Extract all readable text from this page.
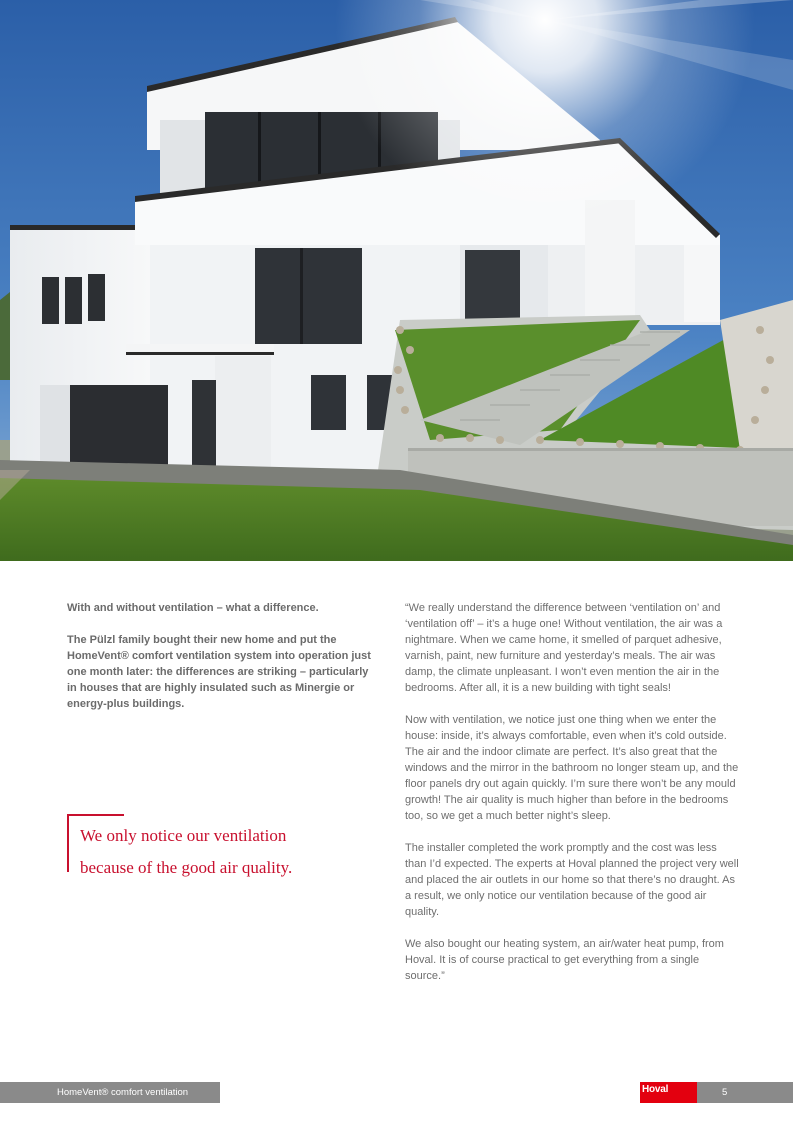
With and without ventilation – what a difference.

The Pülzl family bought their new home and put the HomeVent® comfort ventilation system into operation just one month later: the differences are striking – particularly in houses that are highly insulated such as Minergie or energy-plus buildings.

We only notice our ventilation
because of the good air quality.

“We really understand the difference between ‘ventilation on’ and ‘ventilation off’ – it’s a huge one! Without ventilation, the air was a nightmare. When we came home, it smelled of parquet adhesive, varnish, paint, new furniture and yesterday’s meals. The air was damp, the climate unpleasant. I won’t even mention the air in the bedrooms. After all, it is a new building with tight seals!

Now with ventilation, we notice just one thing when we enter the house: inside, it’s always comfortable, even when it’s cold outside. The air and the indoor climate are perfect. It’s also great that the windows and the mirror in the bathroom no longer steam up, and the floor panels dry out again quickly. I’m sure there won’t be any mould growth! The air quality is much higher than before in the bedrooms too, so we get a much better night’s sleep.

The installer completed the work promptly and the cost was less than I’d expected. The experts at Hoval planned the project very well and placed the air outlets in our home so that there’s no draught. As a result, we only notice our ventilation because of the good air quality.

We also bought our heating system, an air/water heat pump, from Hoval. It is of course practical to get everything from a single source.”

HomeVent® comfort ventilation	Hoval	5
